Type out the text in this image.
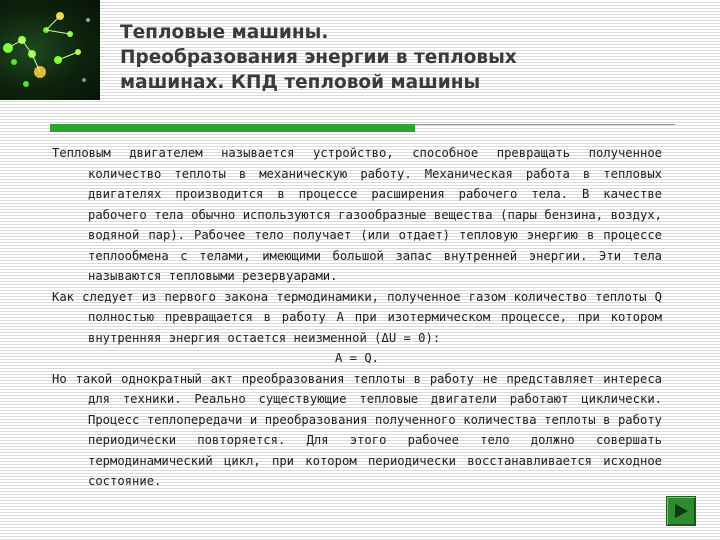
Тепловые машины.
Преобразования энергии в тепловых
машинах. КПД тепловой машины

Тепловым двигателем называется устройство, способное превращать полученное количество теплоты в механическую работу. Механическая работа в тепловых двигателях производится в процессе расширения рабочего тела. В качестве рабочего тела обычно используются газообразные вещества (пары бензина, воздух, водяной пар). Рабочее тело получает (или отдает) тепловую энергию в процессе теплообмена с телами, имеющими большой запас внутренней энергии. Эти тела называются тепловыми резервуарами.

Как следует из первого закона термодинамики, полученное газом количество теплоты Q полностью превращается в работу A при изотермическом процессе, при котором внутренняя энергия остается неизменной (ΔU = 0):

A = Q.

Но такой однократный акт преобразования теплоты в работу не представляет интереса для техники. Реально существующие тепловые двигатели работают циклически. Процесс теплопередачи и преобразования полученного количества теплоты в работу периодически повторяется. Для этого рабочее тело должно совершать термодинамический цикл, при котором периодически восстанавливается исходное состояние.
